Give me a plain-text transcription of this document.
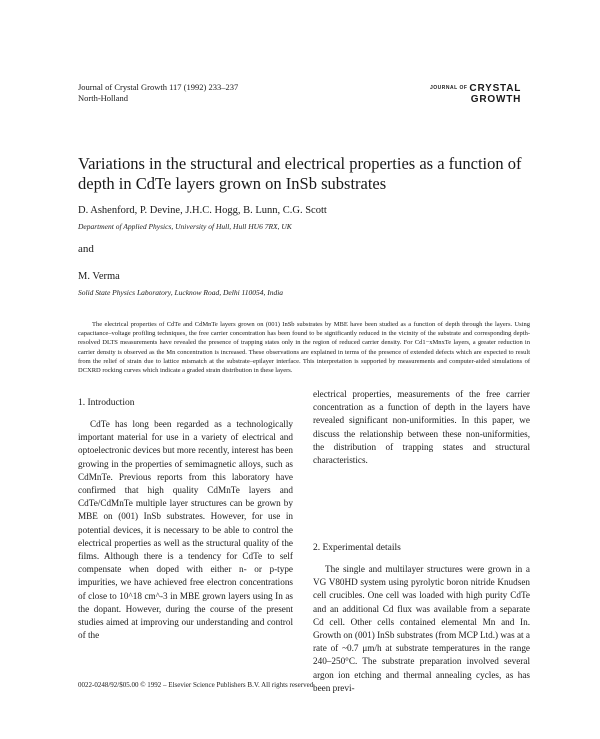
Journal of Crystal Growth 117 (1992) 233–237
North-Holland
JOURNAL OF CRYSTAL
GROWTH
Variations in the structural and electrical properties as a function of depth in CdTe layers grown on InSb substrates
D. Ashenford, P. Devine, J.H.C. Hogg, B. Lunn, C.G. Scott
Department of Applied Physics, University of Hull, Hull HU6 7RX, UK
and
M. Verma
Solid State Physics Laboratory, Lucknow Road, Delhi 110054, India
The electrical properties of CdTe and CdMnTe layers grown on (001) InSb substrates by MBE have been studied as a function of depth through the layers. Using capacitance–voltage profiling techniques, the free carrier concentration has been found to be significantly reduced in the vicinity of the substrate and corresponding depth-resolved DLTS measurements have revealed the presence of trapping states only in the region of reduced carrier density. For Cd1−xMnxTe layers, a greater reduction in carrier density is observed as the Mn concentration is increased. These observations are explained in terms of the presence of extended defects which are expected to result from the relief of strain due to lattice mismatch at the substrate–epilayer interface. This interpretation is supported by measurements and computer-aided simulations of DCXRD rocking curves which indicate a graded strain distribution in these layers.
1. Introduction
CdTe has long been regarded as a technologically important material for use in a variety of electrical and optoelectronic devices but more recently, interest has been growing in the properties of semimagnetic alloys, such as CdMnTe. Previous reports from this laboratory have confirmed that high quality CdMnTe layers and CdTe/CdMnTe multiple layer structures can be grown by MBE on (001) InSb substrates. However, for use in potential devices, it is necessary to be able to control the electrical properties as well as the structural quality of the films. Although there is a tendency for CdTe to self compensate when doped with either n- or p-type impurities, we have achieved free electron concentrations of close to 10^18 cm^-3 in MBE grown layers using In as the dopant. However, during the course of the present studies aimed at improving our understanding and control of the
electrical properties, measurements of the free carrier concentration as a function of depth in the layers have revealed significant non-uniformities. In this paper, we discuss the relationship between these non-uniformities, the distribution of trapping states and structural characteristics.
2. Experimental details
The single and multilayer structures were grown in a VG V80HD system using pyrolytic boron nitride Knudsen cell crucibles. One cell was loaded with high purity CdTe and an additional Cd flux was available from a separate Cd cell. Other cells contained elemental Mn and In. Growth on (001) InSb substrates (from MCP Ltd.) was at a rate of ~0.7 μm/h at substrate temperatures in the range 240–250°C. The substrate preparation involved several argon ion etching and thermal annealing cycles, as has been previ-
0022-0248/92/$05.00 © 1992 – Elsevier Science Publishers B.V. All rights reserved
